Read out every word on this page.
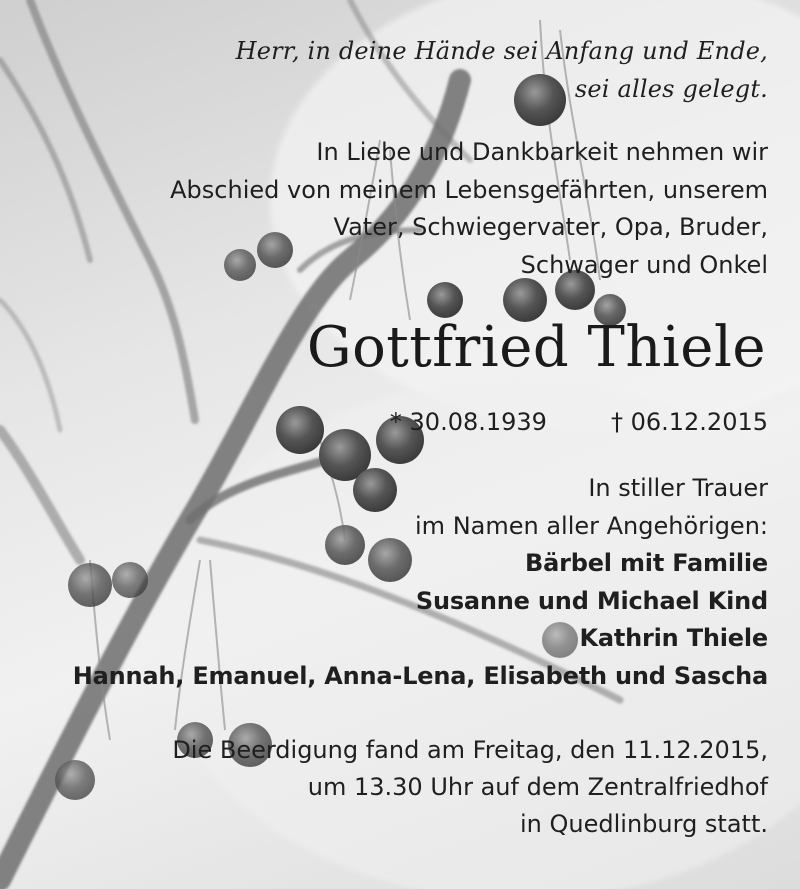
Herr, in deine Hände sei Anfang und Ende,
sei alles gelegt.
In Liebe und Dankbarkeit nehmen wir
Abschied von meinem Lebensgefährten, unserem
Vater, Schwiegervater, Opa, Bruder,
Schwager und Onkel
Gottfried Thiele
* 30.08.1939	† 06.12.2015
In stiller Trauer
im Namen aller Angehörigen:
Bärbel mit Familie
Susanne und Michael Kind
Kathrin Thiele
Hannah, Emanuel, Anna-Lena, Elisabeth und Sascha
Die Beerdigung fand am Freitag, den 11.12.2015,
um 13.30 Uhr auf dem Zentralfriedhof
in Quedlinburg statt.
